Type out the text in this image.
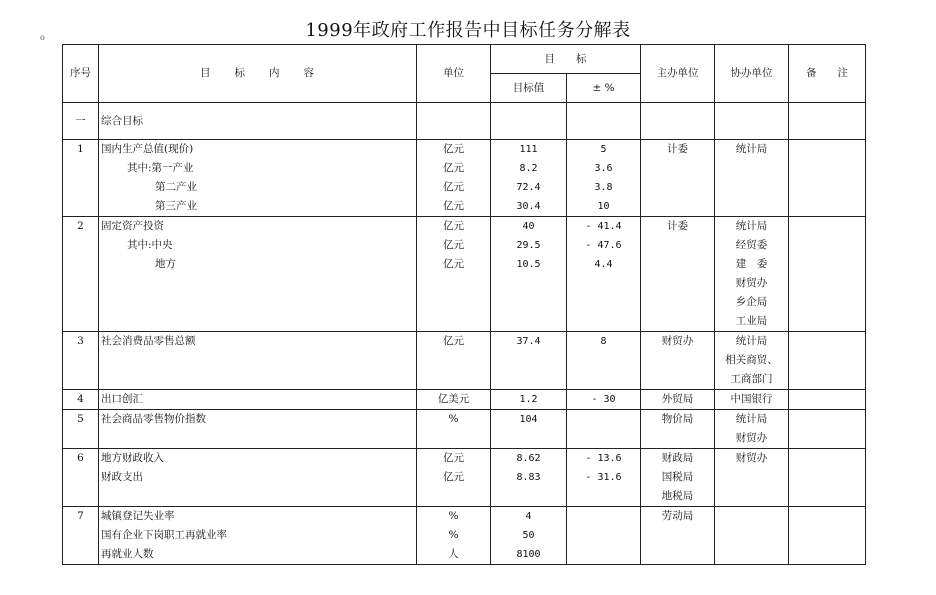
1999年政府工作报告中目标任务分解表
o
序号	目　　标　　内　　容	单位	目　　标		主办单位	协办单位	备　　注
			目标值	± %			
一	综合目标						
1	国内生产总值(现价)	亿元	111	5	计委	统计局	
	其中:第一产业	亿元	8.2	3.6			
	第二产业	亿元	72.4	3.8			
	第三产业	亿元	30.4	10			
2	固定资产投资	亿元	40	- 41.4	计委	统计局	
	其中:中央	亿元	29.5	- 47.6		经贸委	
	地方	亿元	10.5	4.4		建　委	
						财贸办	
						乡企局	
						工业局	
3	社会消费品零售总额	亿元	37.4	8	财贸办	统计局	
						相关商贸、	
						工商部门	
4	出口创汇	亿美元	1.2	- 30	外贸局	中国银行	
5	社会商品零售物价指数	%	104		物价局	统计局	
						财贸办	
6	地方财政收入	亿元	8.62	- 13.6	财政局	财贸办	
	财政支出	亿元	8.83	- 31.6	国税局		
					地税局		
7	城镇登记失业率	%	4		劳动局		
	国有企业下岗职工再就业率	%	50				
	再就业人数	人	8100				
